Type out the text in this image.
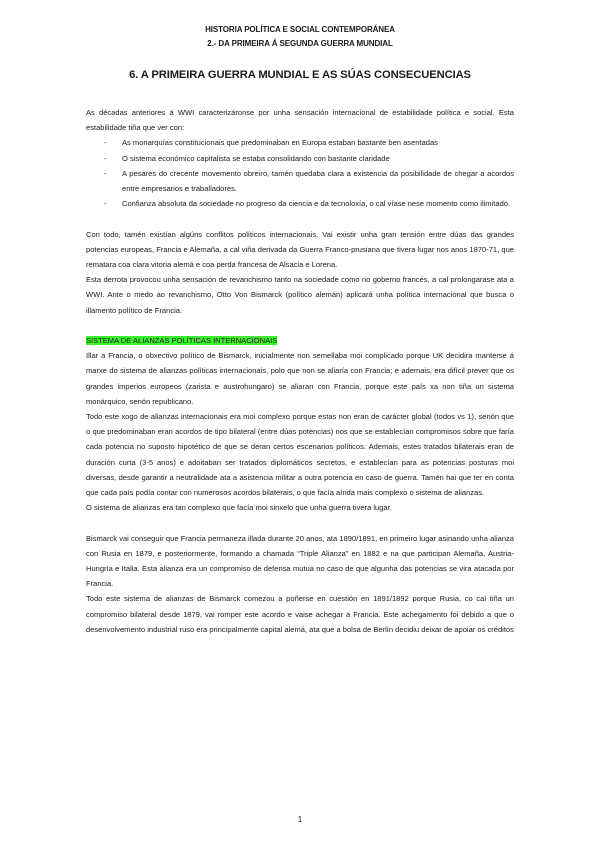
HISTORIA POLÍTICA E SOCIAL CONTEMPORÁNEA
2.- DA PRIMEIRA Á SEGUNDA GUERRA MUNDIAL
6. A PRIMEIRA GUERRA MUNDIAL E AS SÚAS CONSECUENCIAS

As décadas anteriores á WWI caracterizáronse por unha sensación internacional de estabilidade política e social. Esta estabilidade tiña que ver con:

- As monarquías constitucionais que predominaban en Europa estaban bastante ben asentadas
- O sistema económico capitalista se estaba consolidando con bastante claridade
- A pesares do crecente movemento obreiro, tamén quedaba clara a existencia da posibilidade de chegar a acordos entre empresarios e traballadores.
- Confianza absoluta da sociedade no progreso da ciencia e da tecnoloxía, o cal víase nese momento como ilimitado.

Con todo, tamén existían algúns conflitos políticos internacionais. Vai existir unha gran tensión entre dúas das grandes potencias europeas, Francia e Alemaña, a cal viña derivada da Guerra Franco-prusiana que tivera lugar nos anos 1870-71, que rematara coa clara vitoria alemá e coa perda francesa de Alsacia e Lorena.

Esta derrota provocou unha sensación de revanchismo tanto na sociedade como no goberno francés, a cal prolongarase ata a WWI. Ante o medo ao revanchismo, Otto Von Bismarck (político alemán) aplicará unha política internacional que busca o illamento político de Francia.

SISTEMA DE ALIANZAS POLÍTICAS INTERNACIONAIS

Illar a Francia, o obxectivo político de Bismarck, inicialmente non semellaba moi complicado porque UK decidira manterse á marxe do sistema de alianzas políticas internacionais, polo que non se aliaría con Francia; e ademais, era difícil prever que os grandes imperios europeos (zarista e austrohungaro) se aliaran con Francia, porque este país xa non tiña un sistema monárquico, senón republicano.

Todo este xogo de alianzas internacionais era moi complexo porque estas non eran de carácter global (todos vs 1), senón que o que predominaban eran acordos de tipo bilateral (entre dúas potencias) nos que se establecían compromisos sobre que faría cada potencia no suposto hipotético de que se deran certos escenarios políticos. Ademais, estes tratados bilaterais eran de duración curta (3-5 anos) e adoitaban ser tratados diplomáticos secretos, e establecían para as potencias posturas moi diversas, desde garantir a neutralidade ata a asistencia militar a outra potencia en caso de guerra. Tamén hai que ter en conta que cada país podía contar con numerosos acordos bilaterais, o que facía aínda mais complexo o sistema de alianzas.

O sistema de alianzas era tan complexo que facía moi sinxelo que unha guerra tivera lugar.

Bismarck vai conseguir que Francia permaneza illada durante 20 anos, ata 1890/1891, en primeiro lugar asinando unha alianza con Rusia en 1879, e posteriormente, formando a chamada “Triple Alianza” en 1882 e na que participan Alemaña, Austria-Hungría e Italia. Esta alianza era un compromiso de defensa mutua no caso de que algunha das potencias se vira atacada por Francia.

Todo este sistema de alianzas de Bismarck comezou a poñerse en cuestión en 1891/1892 porque Rusia, co cal tiña un compromiso bilateral desde 1879, vai romper este acordo e vaise achegar a Francia. Este achegamento foi debido a que o desenvolvemento industrial ruso era principalmente capital alemá, ata que a bolsa de Berlín decidiu deixar de apoiar os créditos

1
